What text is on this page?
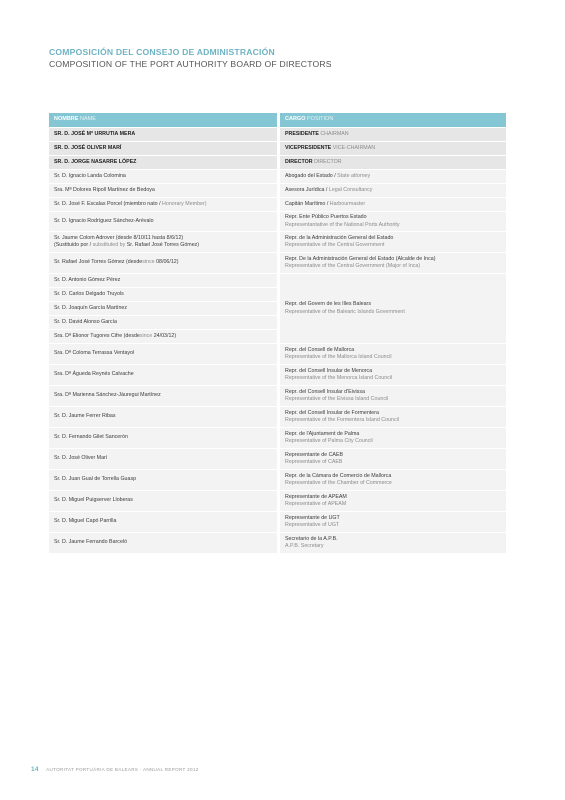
COMPOSICIÓN DEL CONSEJO DE ADMINISTRACIÓN
COMPOSITION OF THE PORT AUTHORITY BOARD OF DIRECTORS
NOMBRE NAME	CARGO POSITION
SR. D. JOSÉ Mª URRUTIA MERA	PRESIDENTE CHAIRMAN
SR. D. JOSÉ OLIVER MARÍ	VICEPRESIDENTE VICE-CHAIRMAN
SR. D. JORGE NASARRE LÓPEZ	DIRECTOR DIRECTOR
Sr. D. Ignacio Landa Colomina	Abogado del Estado / State attorney
Sra. Mª Dolores Ripoll Martínez de Bedoya	Asesora Jurídica / Legal Consultancy
Sr. D. José F. Escalas Porcel (miembro nato / Honorary Member)	Capitán Marítimo / Harbourmaster
Sr. D. Ignacio Rodríguez Sánchez-Arévalo	Repr. Ente Público Puertos Estado
Representantative of the National Ports Authority
Sr. Jaume Colom Adrover (desde 8/10/11 hasta 8/6/12)
(Sustituido por / substituted by Sr. Rafael José Torres Gómez)	Repr. de la Administración General del Estado
Representative of the Central Government
Sr. Rafael José Torres Gómez (desdesince 08/06/12)	Repr. De la Administración General del Estado (Alcalde de Inca)
Representative of the Central Government (Major of Inca)
Sr. D. Antonio Gómez Pérez	Repr. del Govern de les Illes Balears
Representative of the Balearic Islands Government
Sr. D. Carlos Delgado Truyols	
Sr. D. Joaquín García Martínez	
Sr. D. David Alonso García	
Sra. Dª Elionor Tugores Cifre (desdesince 24/03/12)	
Sra. Dª Coloma Terrassa Ventayol	Repr. del Consell de Mallorca
Representative of the Mallorca Island Council
Sra. Dª Águeda Reynés Calvache	Repr. del Consell Insular de Menorca
Representative of the Menorca Island Council
Sra. Dª Marienna Sánchez-Jáuregui Martínez	Repr. del Consell Insular d'Eivissa
Representative of the Eivissa Island Council
Sr. D. Jaume Ferrer Ribas	Repr. del Consell Insular de Formentera
Representative of the Formentera Island Council
Sr. D. Fernando Gilet Sancerón	Repr. de l'Ajuntament de Palma
Representative of Palma City Council
Sr. D. José Oliver Marí	Representante de CAEB
Representative of CAEB
Sr. D. Juan Gual de Torrella Guasp	Repr. de la Cámara de Comercio de Mallorca
Representative of the Chamber of Commerce
Sr. D. Miguel Puigserver Lloberas	Representante de APEAM
Representative of APEAM
Sr. D. Miguel Capó Parrilla	Representante de UGT
Representative of UGT
Sr. D. Jaume Ferrando Barceló	Secretario de la A.P.B.
A.P.B. Secretary
14 AUTORITAT PORTUÀRIA DE BALEARS · ANNUAL REPORT 2012
